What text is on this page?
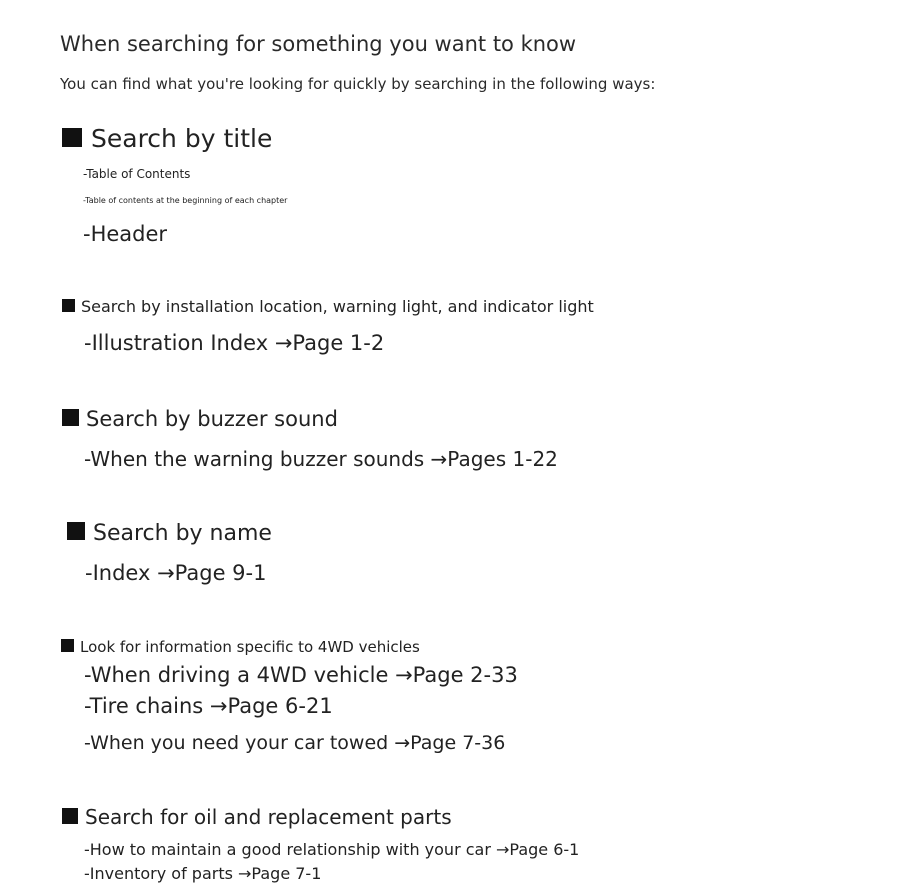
When searching for something you want to know
You can find what you're looking for quickly by searching in the following ways:
Search by title
-Table of Contents
-Table of contents at the beginning of each chapter
-Header
Search by installation location, warning light, and indicator light
-Illustration Index →Page 1-2
Search by buzzer sound
-When the warning buzzer sounds →Pages 1-22
Search by name
-Index →Page 9-1
Look for information specific to 4WD vehicles
-When driving a 4WD vehicle →Page 2-33
-Tire chains →Page 6-21
-When you need your car towed →Page 7-36
Search for oil and replacement parts
-How to maintain a good relationship with your car →Page 6-1
-Inventory of parts →Page 7-1
